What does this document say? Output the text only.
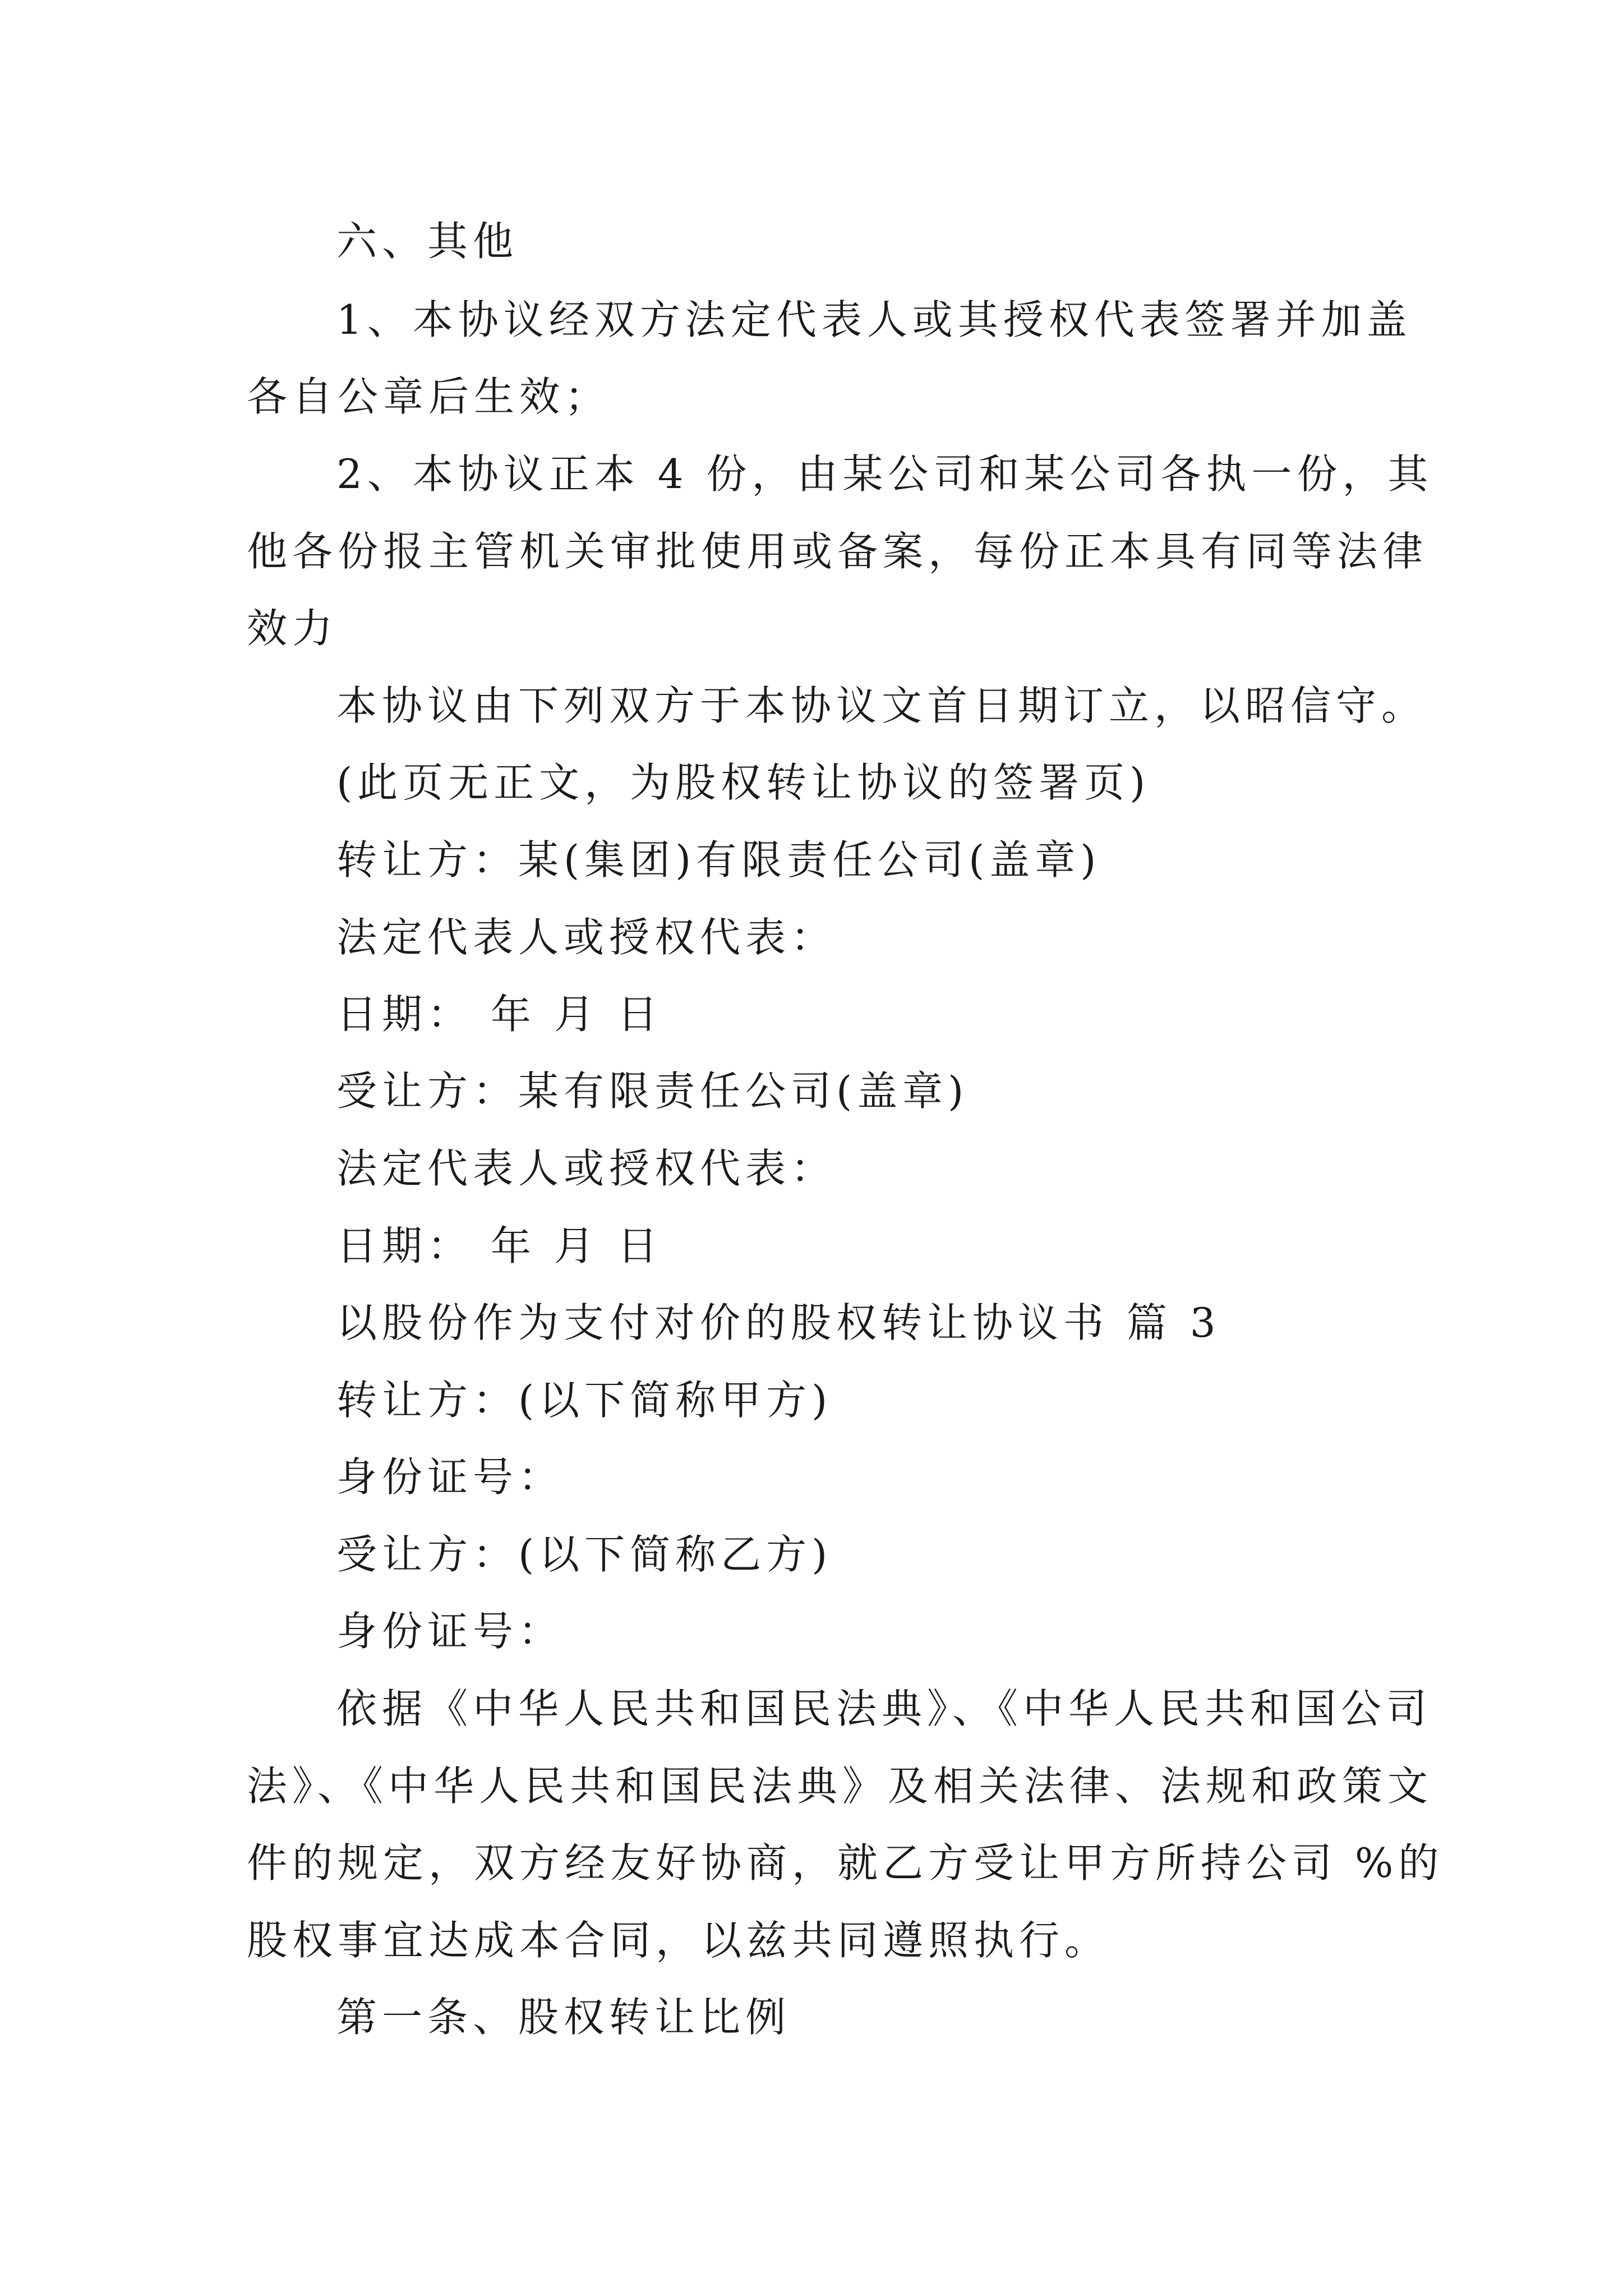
六、其他
1、本协议经双方法定代表人或其授权代表签署并加盖
各自公章后生效；
2、本协议正本 4 份，由某公司和某公司各执一份，其
他各份报主管机关审批使用或备案，每份正本具有同等法律
效力
本协议由下列双方于本协议文首日期订立，以昭信守。
(此页无正文，为股权转让协议的签署页)
转让方：某(集团)有限责任公司(盖章)
法定代表人或授权代表：
日期： 年 月 日
受让方：某有限责任公司(盖章)
法定代表人或授权代表：
日期： 年 月 日
以股份作为支付对价的股权转让协议书 篇 3
转让方：(以下简称甲方)
身份证号：
受让方：(以下简称乙方)
身份证号：
依据《中华人民共和国民法典》、《中华人民共和国公司
法》、《中华人民共和国民法典》及相关法律、法规和政策文
件的规定，双方经友好协商，就乙方受让甲方所持公司 %的
股权事宜达成本合同，以兹共同遵照执行。
第一条、股权转让比例
